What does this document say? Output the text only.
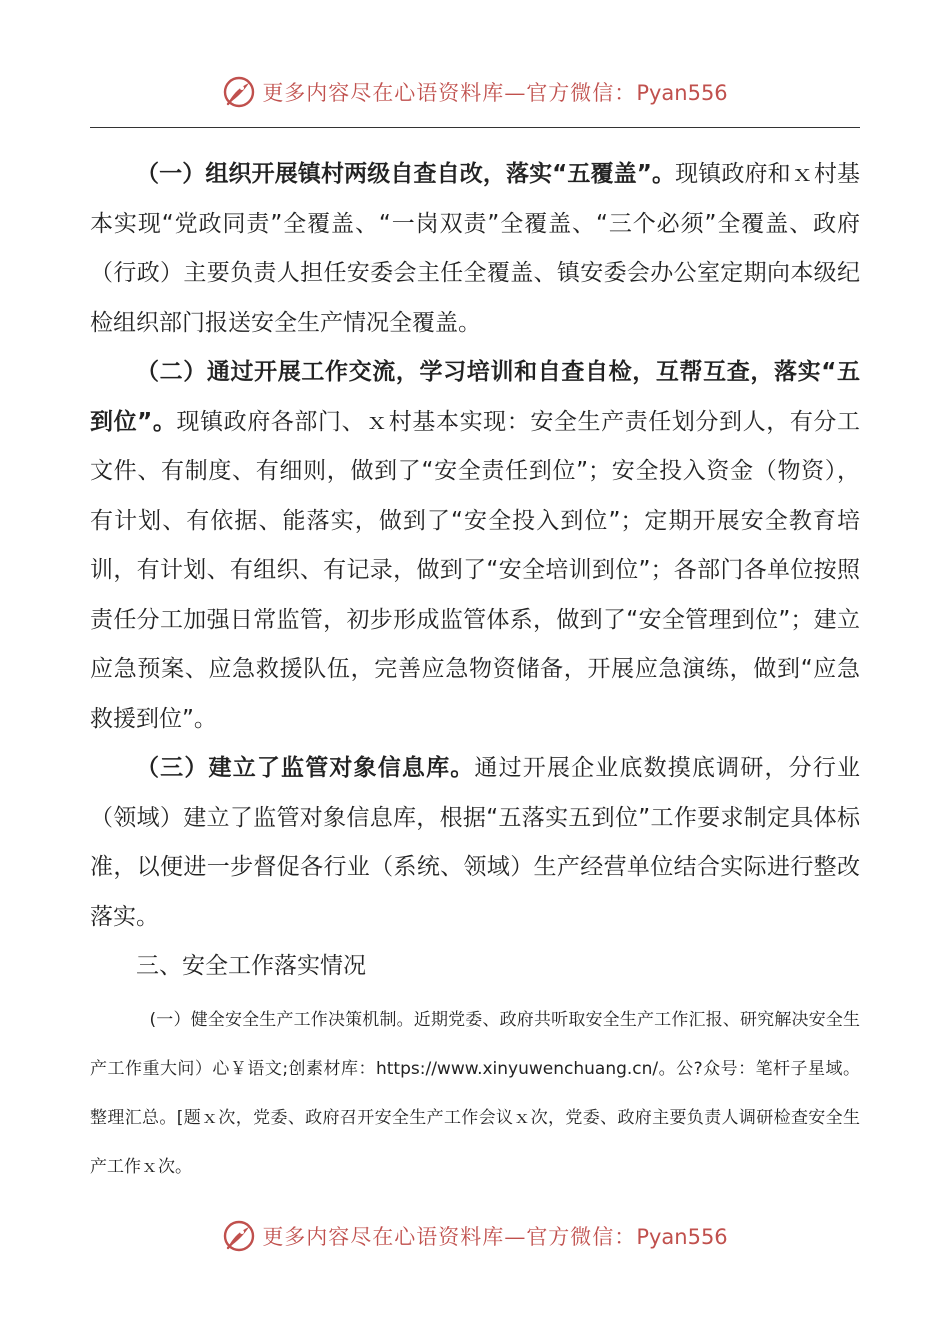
更多内容尽在心语资料库—官方微信：Pyan556

（一）组织开展镇村两级自查自改，落实“五覆盖”。现镇政府和ｘ村基本实现“党政同责”全覆盖、“一岗双责”全覆盖、“三个必须”全覆盖、政府（行政）主要负责人担任安委会主任全覆盖、镇安委会办公室定期向本级纪检组织部门报送安全生产情况全覆盖。

（二）通过开展工作交流，学习培训和自查自检，互帮互查，落实“五到位”。现镇政府各部门、ｘ村基本实现：安全生产责任划分到人，有分工文件、有制度、有细则，做到了“安全责任到位”；安全投入资金（物资），有计划、有依据、能落实，做到了“安全投入到位”；定期开展安全教育培训，有计划、有组织、有记录，做到了“安全培训到位”；各部门各单位按照责任分工加强日常监管，初步形成监管体系，做到了“安全管理到位”；建立应急预案、应急救援队伍，完善应急物资储备，开展应急演练，做到“应急救援到位”。

（三）建立了监管对象信息库。通过开展企业底数摸底调研，分行业（领域）建立了监管对象信息库，根据“五落实五到位”工作要求制定具体标准，以便进一步督促各行业（系统、领域）生产经营单位结合实际进行整改落实。

三、安全工作落实情况

(一）健全安全生产工作决策机制。近期党委、政府共听取安全生产工作汇报、研究解决安全生产工作重大问）心￥语文;创素材库：https://www.xinyuwenchuang.cn/。公?众号：笔杆子星域。整理汇总。[题ｘ次，党委、政府召开安全生产工作会议ｘ次，党委、政府主要负责人调研检查安全生产工作ｘ次。

更多内容尽在心语资料库—官方微信：Pyan556
